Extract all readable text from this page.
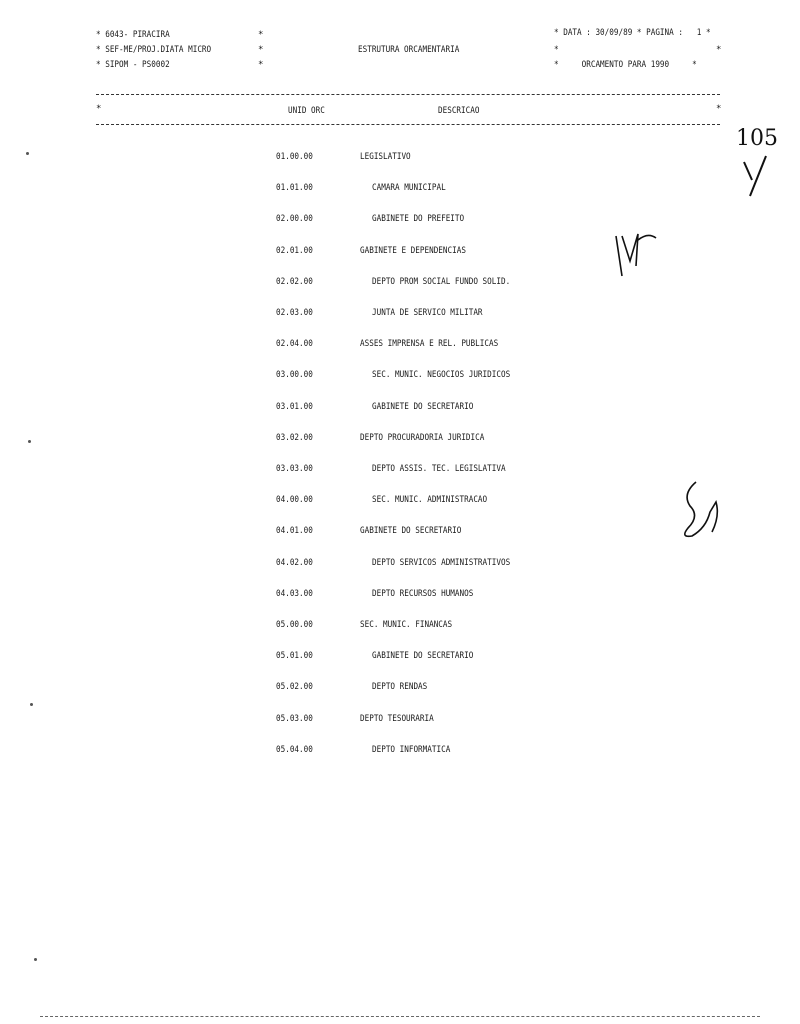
* 6043- PIRACIRA
* SEF-ME/PROJ.DIATA MICRO
* SIPOM - PS0002
*
*
*
ESTRUTURA ORCAMENTARIA
* DATA : 30/09/89 * PAGINA :   1 *
*
*     ORCAMENTO PARA 1990     *
*
*	UNID ORC	DESCRICAO	*
01.00.00	LEGISLATIVO
01.01.00	CAMARA MUNICIPAL
02.00.00	GABINETE DO PREFEITO
02.01.00	GABINETE E DEPENDENCIAS
02.02.00	DEPTO PROM SOCIAL FUNDO SOLID.
02.03.00	JUNTA DE SERVICO MILITAR
02.04.00	ASSES IMPRENSA E REL. PUBLICAS
03.00.00	SEC. MUNIC. NEGOCIOS JURIDICOS
03.01.00	GABINETE DO SECRETARIO
03.02.00	DEPTO PROCURADORIA JURIDICA
03.03.00	DEPTO ASSIS. TEC. LEGISLATIVA
04.00.00	SEC. MUNIC. ADMINISTRACAO
04.01.00	GABINETE DO SECRETARIO
04.02.00	DEPTO SERVICOS ADMINISTRATIVOS
04.03.00	DEPTO RECURSOS HUMANOS
05.00.00	SEC. MUNIC. FINANCAS
05.01.00	GABINETE DO SECRETARIO
05.02.00	DEPTO RENDAS
05.03.00	DEPTO TESOURARIA
05.04.00	DEPTO INFORMATICA
105
